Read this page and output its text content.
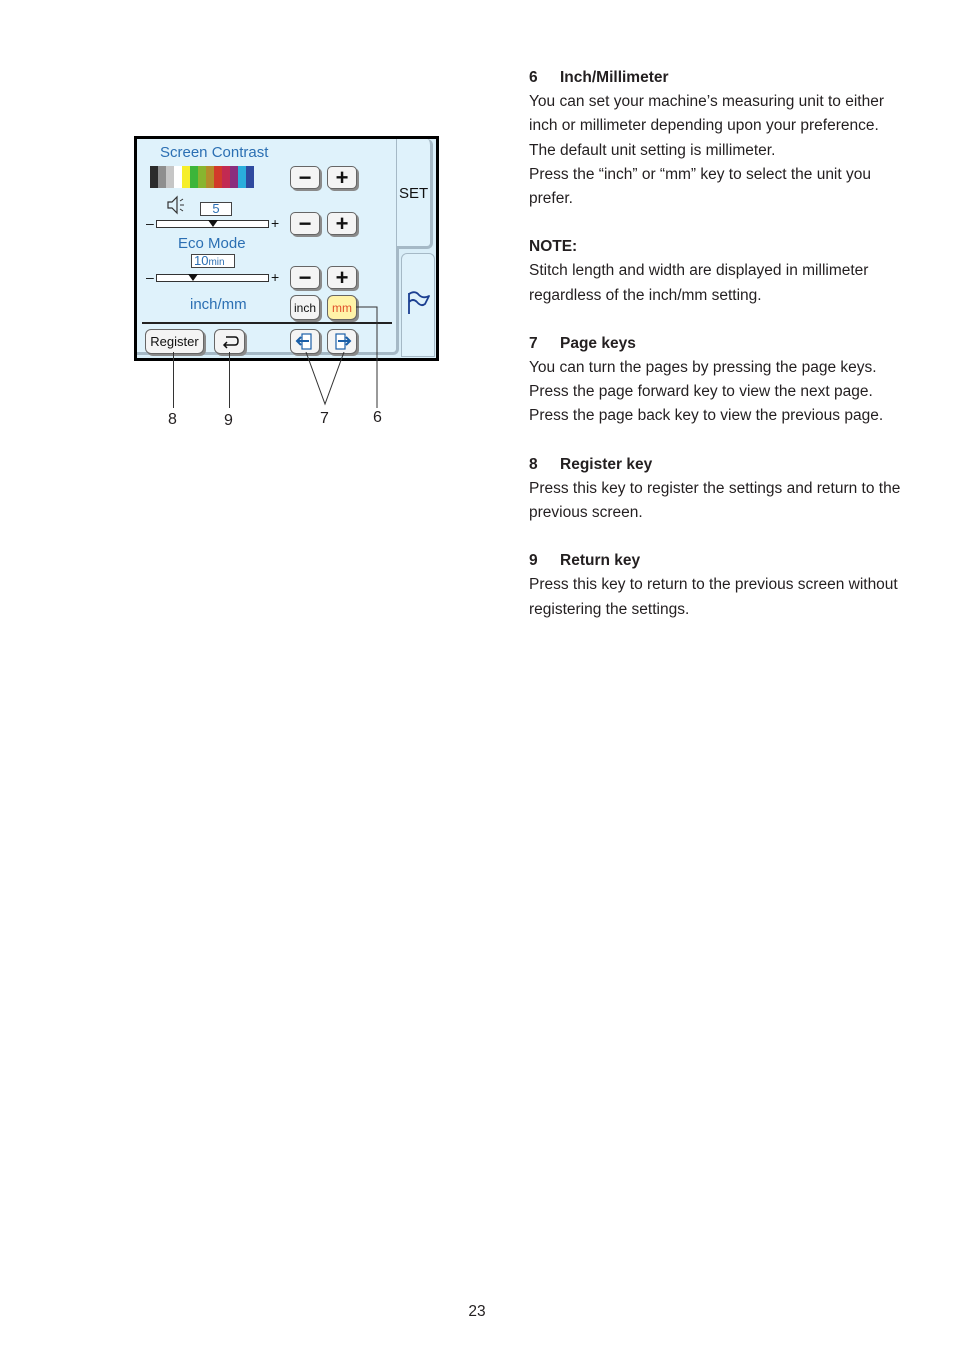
SET
Screen Contrast
− +
5
–	+ − +
Eco Mode
10min
–	+ − +
inch/mm	inch	mm
Register
8	9	7	6
6 Inch/Millimeter

You can set your machine’s measuring unit to either

inch or millimeter depending upon your preference.

The default unit setting is millimeter.

Press the “inch” or “mm” key to select the unit you

prefer.

NOTE:

Stitch length and width are displayed in millimeter

regardless of the inch/mm setting.

7 Page keys

You can turn the pages by pressing the page keys.

Press the page forward key to view the next page.

Press the page back key to view the previous page.

8 Register key

Press this key to register the settings and return to the

previous screen.

9 Return key

Press this key to return to the previous screen without

registering the settings.

23
